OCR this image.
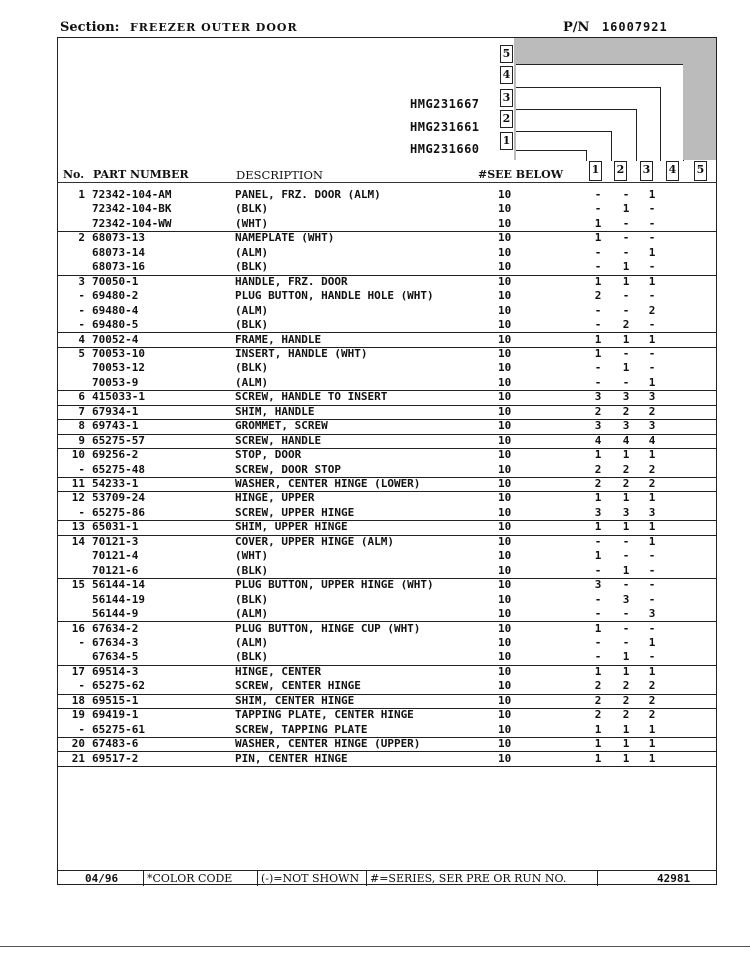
Section: FREEZER OUTER DOOR	P/N 16007921
5
4
3
2
1
HMG231667
HMG231661
HMG231660
No. PART NUMBER	DESCRIPTION	#SEE BELOW	1 2 3 4 5
1 72342-104-AM	PANEL, FRZ. DOOR (ALM)	10	- - 1
72342-104-BK	(BLK)	10	- 1 -
72342-104-WW	(WHT)	10	1 - -
2 68073-13	NAMEPLATE (WHT)	10	1 - -
68073-14	(ALM)	10	- - 1
68073-16	(BLK)	10	- 1 -
3 70050-1	HANDLE, FRZ. DOOR	10	1 1 1
- 69480-2	PLUG BUTTON, HANDLE HOLE (WHT)	10	2 - -
- 69480-4	(ALM)	10	- - 2
- 69480-5	(BLK)	10	- 2 -
4 70052-4	FRAME, HANDLE	10	1 1 1
5 70053-10	INSERT, HANDLE (WHT)	10	1 - -
70053-12	(BLK)	10	- 1 -
70053-9	(ALM)	10	- - 1
6 415033-1	SCREW, HANDLE TO INSERT	10	3 3 3
7 67934-1	SHIM, HANDLE	10	2 2 2
8 69743-1	GROMMET, SCREW	10	3 3 3
9 65275-57	SCREW, HANDLE	10	4 4 4
10 69256-2	STOP, DOOR	10	1 1 1
- 65275-48	SCREW, DOOR STOP	10	2 2 2
11 54233-1	WASHER, CENTER HINGE (LOWER)	10	2 2 2
12 53709-24	HINGE, UPPER	10	1 1 1
- 65275-86	SCREW, UPPER HINGE	10	3 3 3
13 65031-1	SHIM, UPPER HINGE	10	1 1 1
14 70121-3	COVER, UPPER HINGE (ALM)	10	- - 1
70121-4	(WHT)	10	1 - -
70121-6	(BLK)	10	- 1 -
15 56144-14	PLUG BUTTON, UPPER HINGE (WHT)	10	3 - -
56144-19	(BLK)	10	- 3 -
56144-9	(ALM)	10	- - 3
16 67634-2	PLUG BUTTON, HINGE CUP (WHT)	10	1 - -
- 67634-3	(ALM)	10	- - 1
67634-5	(BLK)	10	- 1 -
17 69514-3	HINGE, CENTER	10	1 1 1
- 65275-62	SCREW, CENTER HINGE	10	2 2 2
18 69515-1	SHIM, CENTER HINGE	10	2 2 2
19 69419-1	TAPPING PLATE, CENTER HINGE	10	2 2 2
- 65275-61	SCREW, TAPPING PLATE	10	1 1 1
20 67483-6	WASHER, CENTER HINGE (UPPER)	10	1 1 1
21 69517-2	PIN, CENTER HINGE	10	1 1 1
04/96	*COLOR CODE	(-)=NOT SHOWN #=SERIES, SER PRE OR RUN NO.	42981
